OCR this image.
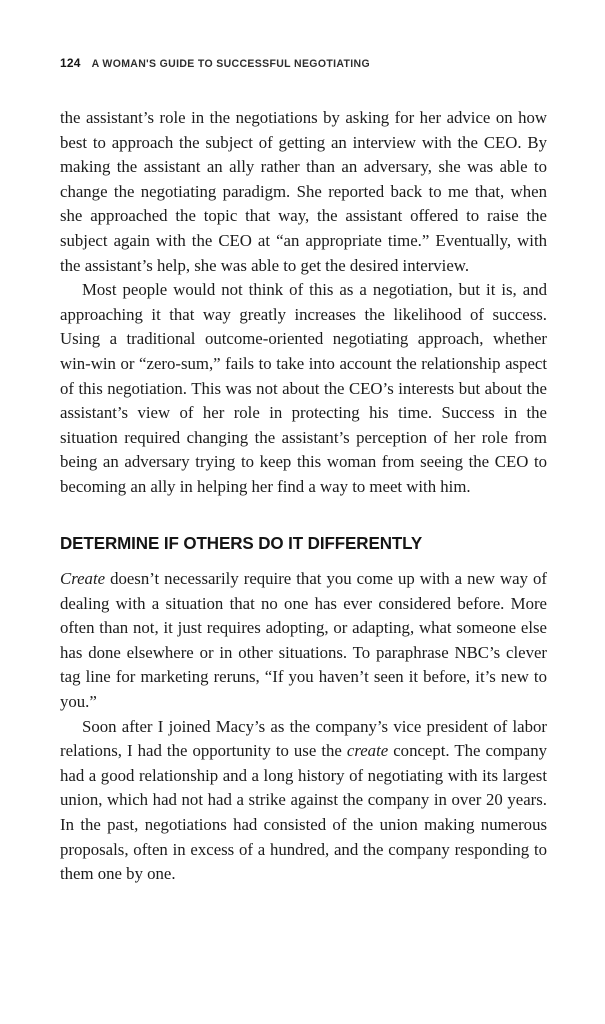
124 A WOMAN'S GUIDE TO SUCCESSFUL NEGOTIATING

the assistant’s role in the negotiations by asking for her advice on how best to approach the subject of getting an interview with the CEO. By making the assistant an ally rather than an adversary, she was able to change the negotiating paradigm. She reported back to me that, when she approached the topic that way, the assistant offered to raise the subject again with the CEO at “an appropriate time.” Eventually, with the assistant’s help, she was able to get the desired interview.

Most people would not think of this as a negotiation, but it is, and approaching it that way greatly increases the likelihood of success. Using a traditional outcome-oriented negotiating approach, whether win-win or “zero-sum,” fails to take into account the relationship aspect of this negotiation. This was not about the CEO’s interests but about the assistant’s view of her role in protecting his time. Success in the situation required changing the assistant’s perception of her role from being an adversary trying to keep this woman from seeing the CEO to becoming an ally in helping her find a way to meet with him.

DETERMINE IF OTHERS DO IT DIFFERENTLY

Create doesn’t necessarily require that you come up with a new way of dealing with a situation that no one has ever considered before. More often than not, it just requires adopting, or adapting, what someone else has done elsewhere or in other situations. To paraphrase NBC’s clever tag line for marketing reruns, “If you haven’t seen it before, it’s new to you.”

Soon after I joined Macy’s as the company’s vice president of labor relations, I had the opportunity to use the create concept. The company had a good relationship and a long history of negotiating with its largest union, which had not had a strike against the company in over 20 years. In the past, negotiations had consisted of the union making numerous proposals, often in excess of a hundred, and the company responding to them one by one.
